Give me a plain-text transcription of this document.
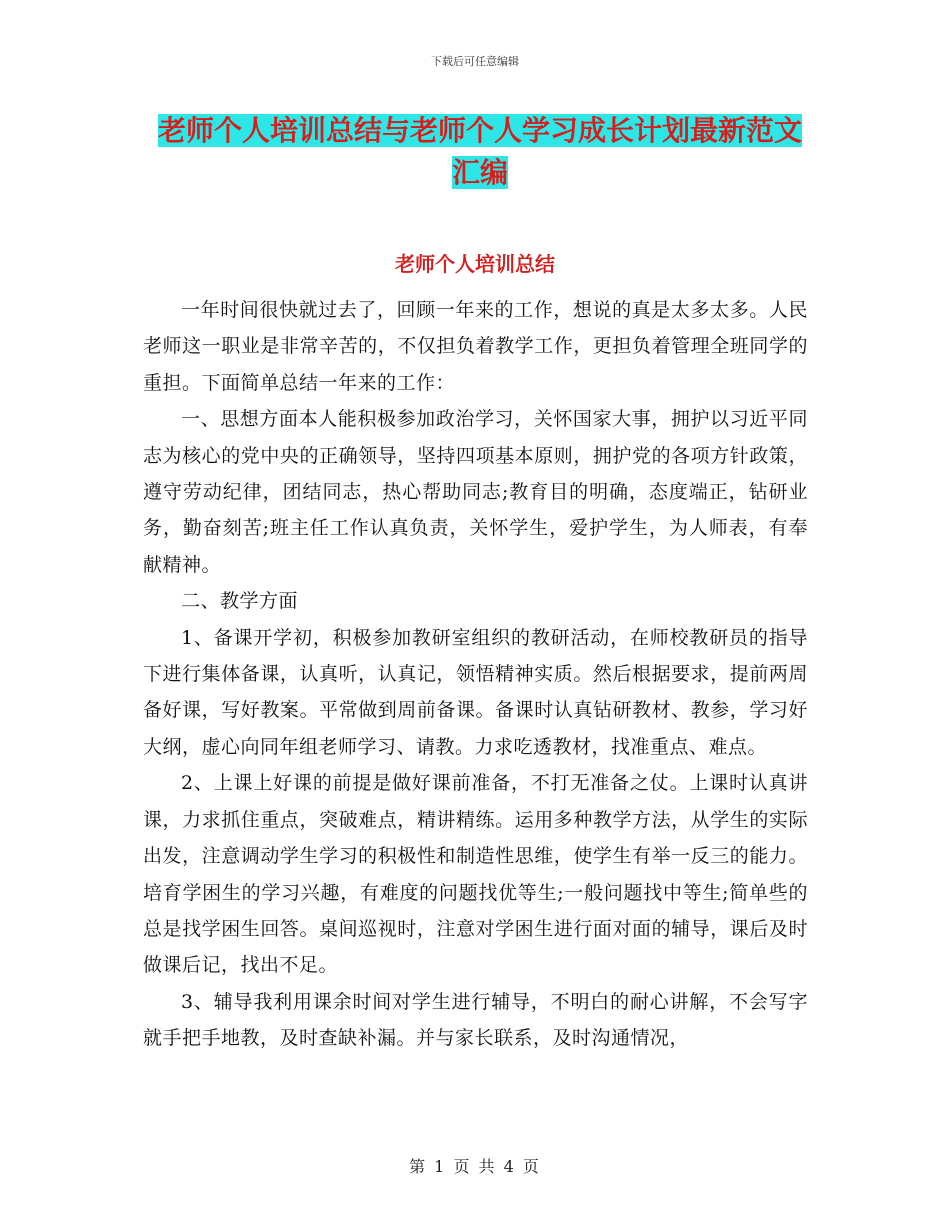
下载后可任意编辑
老师个人培训总结与老师个人学习成长计划最新范文
汇编
老师个人培训总结

一年时间很快就过去了，回顾一年来的工作，想说的真是太多太多。人民老师这一职业是非常辛苦的，不仅担负着教学工作，更担负着管理全班同学的重担。下面简单总结一年来的工作：

一、思想方面本人能积极参加政治学习，关怀国家大事，拥护以习近平同志为核心的党中央的正确领导，坚持四项基本原则，拥护党的各项方针政策，遵守劳动纪律，团结同志，热心帮助同志;教育目的明确，态度端正，钻研业务，勤奋刻苦;班主任工作认真负责，关怀学生，爱护学生，为人师表，有奉献精神。

二、教学方面

1、备课开学初，积极参加教研室组织的教研活动，在师校教研员的指导下进行集体备课，认真听，认真记，领悟精神实质。然后根据要求，提前两周备好课，写好教案。平常做到周前备课。备课时认真钻研教材、教参，学习好大纲，虚心向同年组老师学习、请教。力求吃透教材，找准重点、难点。

2、上课上好课的前提是做好课前准备，不打无准备之仗。上课时认真讲课，力求抓住重点，突破难点，精讲精练。运用多种教学方法，从学生的实际出发，注意调动学生学习的积极性和制造性思维，使学生有举一反三的能力。培育学困生的学习兴趣，有难度的问题找优等生;一般问题找中等生;简单些的总是找学困生回答。桌间巡视时，注意对学困生进行面对面的辅导，课后及时做课后记，找出不足。

3、辅导我利用课余时间对学生进行辅导，不明白的耐心讲解，不会写字就手把手地教，及时查缺补漏。并与家长联系，及时沟通情况，

第 1 页 共 4 页
